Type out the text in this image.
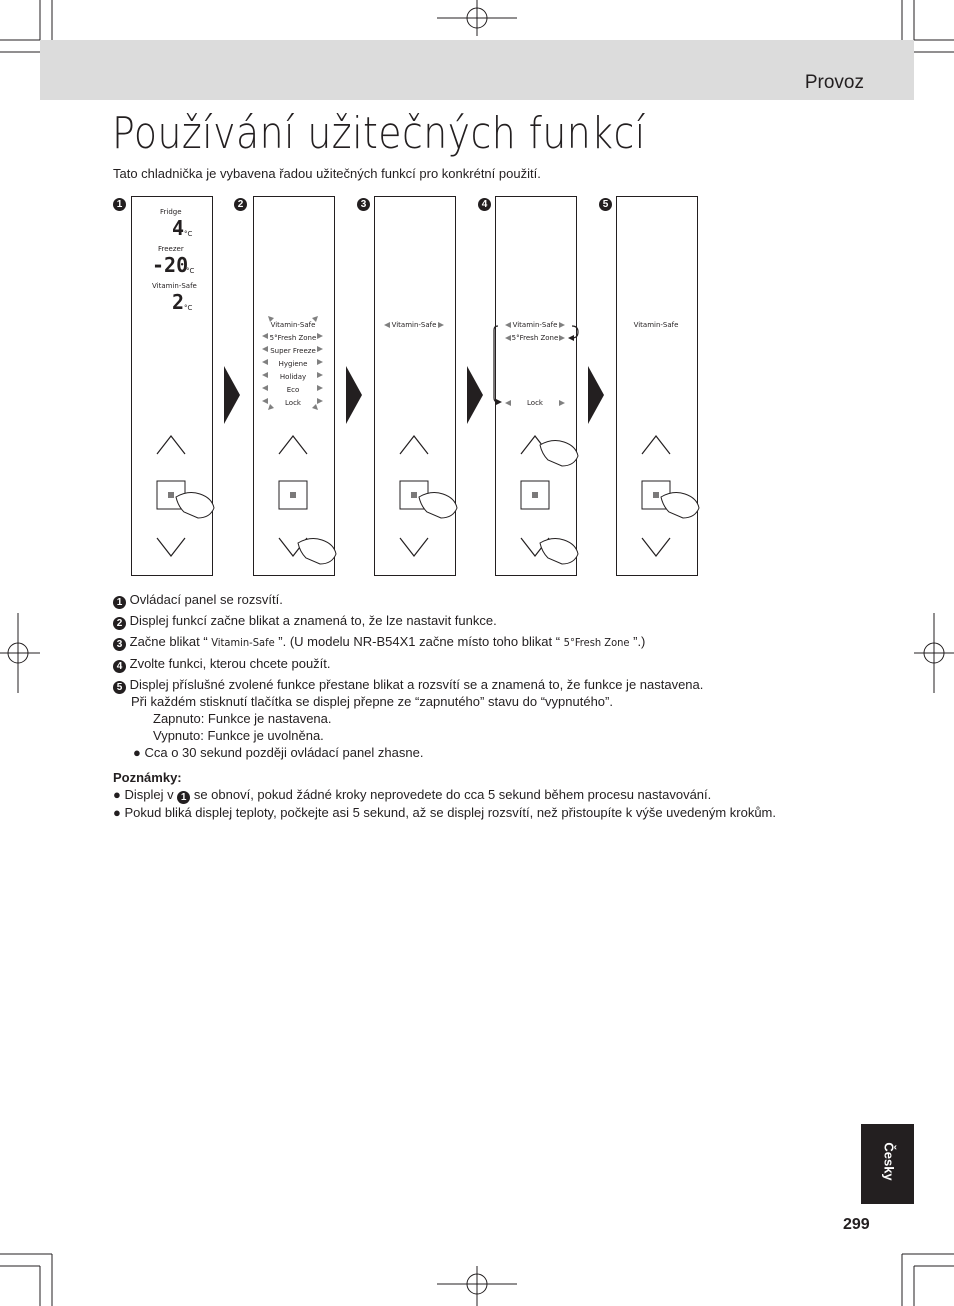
Provoz
Používání užitečných funkcí
Tato chladnička je vybavena řadou užitečných funkcí pro konkrétní použití.
1	2	3	4	5
Fridge
4 °C
Freezer
-20
°C
Vitamin-Safe
2 °C
Vitamin-Safe
5°Fresh Zone
Super Freeze
Hygiene
Holiday
Eco
Lock
Vitamin-Safe	Vitamin-Safe
5°Fresh Zone
Lock
Vitamin-Safe
1 Ovládací panel se rozsvítí.
2 Displej funkcí začne blikat a znamená to, že lze nastavit funkce.
3 Začne blikat “ Vitamin-Safe ”. (U modelu NR-B54X1 začne místo toho blikat “ 5°Fresh Zone ”.)
4 Zvolte funkci, kterou chcete použít.
5 Displej příslušné zvolené funkce přestane blikat a rozsvítí se a znamená to, že funkce je nastavena.
Při každém stisknutí tlačítka se displej přepne ze “zapnutého” stavu do “vypnutého”.
Zapnuto: Funkce je nastavena.
Vypnuto: Funkce je uvolněna.
● Cca o 30 sekund později ovládací panel zhasne.
Poznámky:
● Displej v 1 se obnoví, pokud žádné kroky neprovedete do cca 5 sekund během procesu nastavování.
● Pokud bliká displej teploty, počkejte asi 5 sekund, až se displej rozsvítí, než přistoupíte k výše uvedeným krokům.
Česky
299
